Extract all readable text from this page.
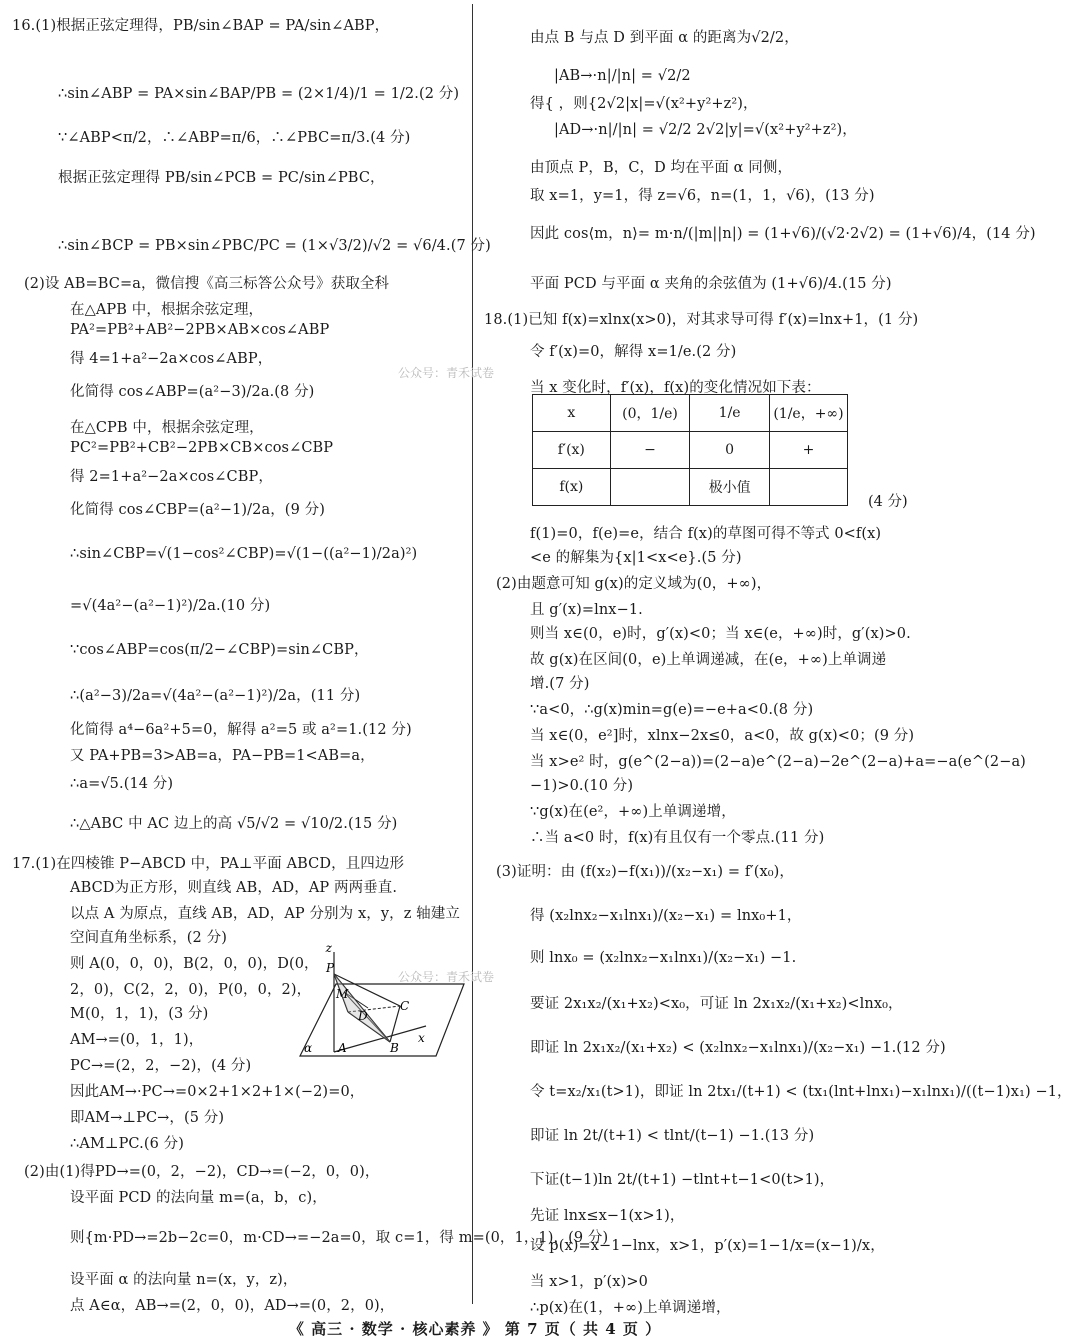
16.(1)根据正弦定理得，PB/sin∠BAP = PA/sin∠ABP，
∴sin∠ABP = PA×sin∠BAP/PB = (2×1/4)/1 = 1/2.(2 分)
∵∠ABP<π/2，∴∠ABP=π/6，∴∠PBC=π/3.(4 分)
根据正弦定理得 PB/sin∠PCB = PC/sin∠PBC，
∴sin∠BCP = PB×sin∠PBC/PC = (1×√3/2)/√2 = √6/4.(7 分)
(2)设 AB=BC=a，微信搜《高三标答公众号》获取全科
在△APB 中，根据余弦定理，
PA²=PB²+AB²−2PB×AB×cos∠ABP
得 4=1+a²−2a×cos∠ABP，
化简得 cos∠ABP=(a²−3)/2a.(8 分)
在△CPB 中，根据余弦定理，
PC²=PB²+CB²−2PB×CB×cos∠CBP
得 2=1+a²−2a×cos∠CBP，
化简得 cos∠CBP=(a²−1)/2a，(9 分)
∴sin∠CBP=√(1−cos²∠CBP)=√(1−((a²−1)/2a)²)
=√(4a²−(a²−1)²)/2a.(10 分)
∵cos∠ABP=cos(π/2−∠CBP)=sin∠CBP，
∴(a²−3)/2a=√(4a²−(a²−1)²)/2a，(11 分)
化简得 a⁴−6a²+5=0，解得 a²=5 或 a²=1.(12 分)
又 PA+PB=3>AB=a，PA−PB=1<AB=a，
∴a=√5.(14 分)
∴△ABC 中 AC 边上的高 √5/√2 = √10/2.(15 分)
17.(1)在四棱锥 P−ABCD 中，PA⊥平面 ABCD，且四边形
ABCD为正方形，则直线 AB，AD，AP 两两垂直.
以点 A 为原点，直线 AB，AD，AP 分别为 x，y，z 轴建立
空间直角坐标系，(2 分)
则 A(0，0，0)，B(2，0，0)，D(0，
2，0)，C(2，2，0)，P(0，0，2)，
M(0，1，1)，(3 分)
AM→=(0，1，1)，
PC→=(2，2，−2)，(4 分)
因此AM→·PC→=0×2+1×2+1×(−2)=0，
即AM→⊥PC→，(5 分)
∴AM⊥PC.(6 分)
(2)由(1)得PD→=(0，2，−2)，CD→=(−2，0，0)，
设平面 PCD 的法向量 m=(a，b，c)，
则{m·PD→=2b−2c=0，m·CD→=−2a=0，取 c=1，得 m=(0，1，1)，(9 分)
设平面 α 的法向量 n=(x，y，z)，
点 A∈α，AB→=(2，0，0)，AD→=(0，2，0)，
由点 B 与点 D 到平面 α 的距离为√2/2，
|AB→·n|/|n| = √2/2
得{ ，则{2√2|x|=√(x²+y²+z²)，
|AD→·n|/|n| = √2/2 2√2|y|=√(x²+y²+z²)，
由顶点 P，B，C，D 均在平面 α 同侧，
取 x=1，y=1，得 z=√6，n=(1，1，√6)，(13 分)
因此 cos⟨m，n⟩= m·n/(|m||n|) = (1+√6)/(√2·2√2) = (1+√6)/4，(14 分)
平面 PCD 与平面 α 夹角的余弦值为 (1+√6)/4.(15 分)
18.(1)已知 f(x)=xlnx(x>0)，对其求导可得 f′(x)=lnx+1，(1 分)
令 f′(x)=0，解得 x=1/e.(2 分)
当 x 变化时，f′(x)，f(x)的变化情况如下表：
f(1)=0，f(e)=e，结合 f(x)的草图可得不等式 0<f(x)
<e 的解集为{x|1<x<e}.(5 分)
(2)由题意可知 g(x)的定义域为(0，+∞)，
且 g′(x)=lnx−1.
则当 x∈(0，e)时，g′(x)<0；当 x∈(e，+∞)时，g′(x)>0.
故 g(x)在区间(0，e)上单调递减，在(e，+∞)上单调递
增.(7 分)
∵a<0，∴g(x)min=g(e)=−e+a<0.(8 分)
当 x∈(0，e²]时，xlnx−2x≤0，a<0，故 g(x)<0；(9 分)
当 x>e² 时，g(e^(2−a))=(2−a)e^(2−a)−2e^(2−a)+a=−a(e^(2−a)
−1)>0.(10 分)
∵g(x)在(e²，+∞)上单调递增，
∴当 a<0 时，f(x)有且仅有一个零点.(11 分)
(3)证明：由 (f(x₂)−f(x₁))/(x₂−x₁) = f′(x₀)，
得 (x₂lnx₂−x₁lnx₁)/(x₂−x₁) = lnx₀+1，
则 lnx₀ = (x₂lnx₂−x₁lnx₁)/(x₂−x₁) −1.
要证 2x₁x₂/(x₁+x₂)<x₀，可证 ln 2x₁x₂/(x₁+x₂)<lnx₀，
即证 ln 2x₁x₂/(x₁+x₂) < (x₂lnx₂−x₁lnx₁)/(x₂−x₁) −1.(12 分)
令 t=x₂/x₁(t>1)，即证 ln 2tx₁/(t+1) < (tx₁(lnt+lnx₁)−x₁lnx₁)/((t−1)x₁) −1，
即证 ln 2t/(t+1) < tlnt/(t−1) −1.(13 分)
下证(t−1)ln 2t/(t+1) −tlnt+t−1<0(t>1)，
先证 lnx≤x−1(x>1)，
设 p(x)=x−1−lnx，x>1，p′(x)=1−1/x=(x−1)/x，
当 x>1，p′(x)>0
∴p(x)在(1，+∞)上单调递增，
x	(0，1/e)	1/e	(1/e，+∞)
f′(x)	−	0	+
f(x)		极小值	
(4 分)
公众号：青禾试卷
公众号：青禾试卷
z
P
M
D
C
A	B
x
α
《 高三 · 数学 · 核心素养 》 第 7 页（ 共 4 页 ）
